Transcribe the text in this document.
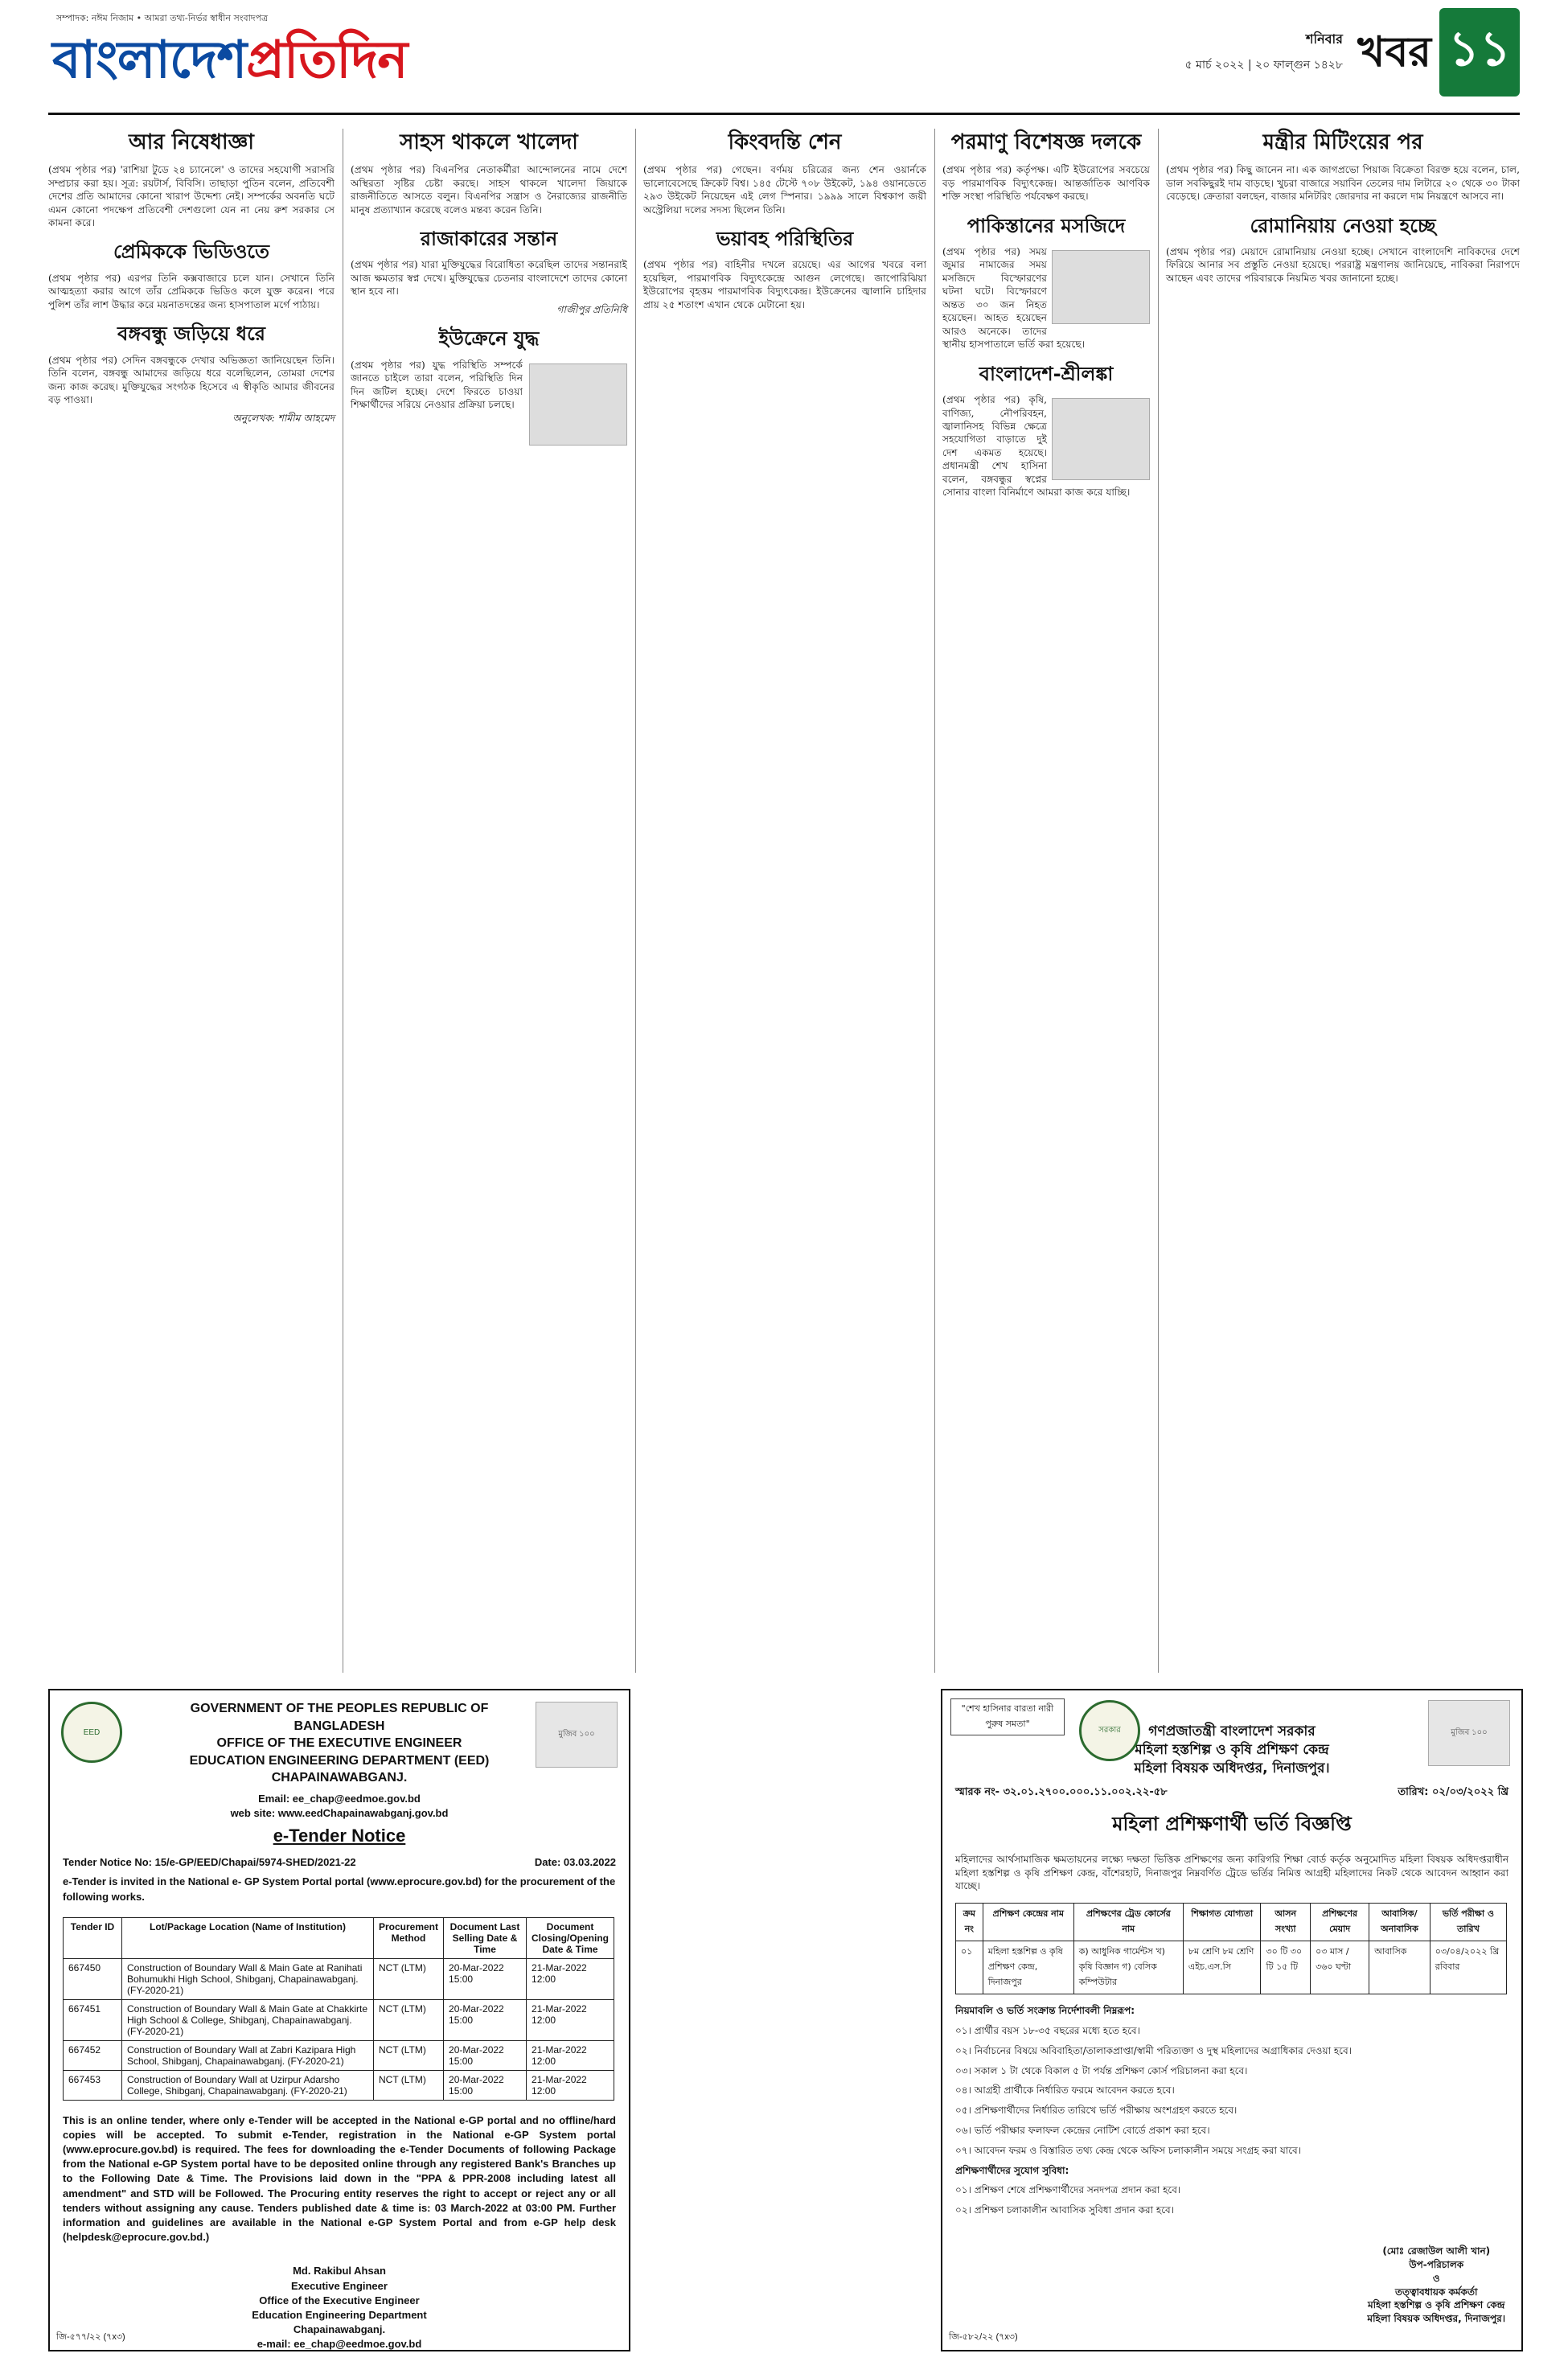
সম্পাদক: নঈম নিজাম • আমরা তথ্য-নির্ভর স্বাধীন সংবাদপত্র
বাংলাদেশপ্রতিদিন	শনিবার
৫ মার্চ ২০২২ | ২০ ফাল্গুন ১৪২৮ খবর ১১
আর নিষেধাজ্ঞা

(প্রথম পৃষ্ঠার পর) 'রাশিয়া টুডে ২৪ চ্যানেলে' ও তাদের সহযোগী সরাসরি সম্প্রচার করা হয়। সূত্র: রয়টার্স, বিবিসি। তাছাড়া পুতিন বলেন, প্রতিবেশী দেশের প্রতি আমাদের কোনো খারাপ উদ্দেশ্য নেই। সম্পর্কের অবনতি ঘটে এমন কোনো পদক্ষেপ প্রতিবেশী দেশগুলো যেন না নেয় রুশ সরকার সে কামনা করে।

প্রেমিককে ভিডিওতে

(প্রথম পৃষ্ঠার পর) এরপর তিনি কক্সবাজারে চলে যান। সেখানে তিনি আত্মহত্যা করার আগে তাঁর প্রেমিককে ভিডিও কলে যুক্ত করেন। পরে পুলিশ তাঁর লাশ উদ্ধার করে ময়নাতদন্তের জন্য হাসপাতাল মর্গে পাঠায়।

বঙ্গবন্ধু জড়িয়ে ধরে

(প্রথম পৃষ্ঠার পর) সেদিন বঙ্গবন্ধুকে দেখার অভিজ্ঞতা জানিয়েছেন তিনি। তিনি বলেন, বঙ্গবন্ধু আমাদের জড়িয়ে ধরে বলেছিলেন, তোমরা দেশের জন্য কাজ করেছ। মুক্তিযুদ্ধের সংগঠক হিসেবে এ স্বীকৃতি আমার জীবনের বড় পাওয়া।

অনুলেখক: শামীম আহমেদ
সাহস থাকলে খালেদা

(প্রথম পৃষ্ঠার পর) বিএনপির নেতাকর্মীরা আন্দোলনের নামে দেশে অস্থিরতা সৃষ্টির চেষ্টা করছে। সাহস থাকলে খালেদা জিয়াকে রাজনীতিতে আসতে বলুন। বিএনপির সন্ত্রাস ও নৈরাজ্যের রাজনীতি মানুষ প্রত্যাখ্যান করেছে বলেও মন্তব্য করেন তিনি।

রাজাকারের সন্তান

(প্রথম পৃষ্ঠার পর) যারা মুক্তিযুদ্ধের বিরোধিতা করেছিল তাদের সন্তানরাই আজ ক্ষমতার স্বপ্ন দেখে। মুক্তিযুদ্ধের চেতনার বাংলাদেশে তাদের কোনো স্থান হবে না।

গাজীপুর প্রতিনিধি
ইউক্রেনে যুদ্ধ

(প্রথম পৃষ্ঠার পর) যুদ্ধ পরিস্থিতি সম্পর্কে জানতে চাইলে তারা বলেন, পরিস্থিতি দিন দিন জটিল হচ্ছে। দেশে ফিরতে চাওয়া শিক্ষার্থীদের সরিয়ে নেওয়ার প্রক্রিয়া চলছে।

কিংবদন্তি শেন

(প্রথম পৃষ্ঠার পর) গেছেন। বর্ণময় চরিত্রের জন্য শেন ওয়ার্নকে ভালোবেসেছে ক্রিকেট বিশ্ব। ১৪৫ টেস্টে ৭০৮ উইকেট, ১৯৪ ওয়ানডেতে ২৯৩ উইকেট নিয়েছেন এই লেগ স্পিনার। ১৯৯৯ সালে বিশ্বকাপ জয়ী অস্ট্রেলিয়া দলের সদস্য ছিলেন তিনি।

ভয়াবহ পরিস্থিতির

(প্রথম পৃষ্ঠার পর) বাহিনীর দখলে রয়েছে। এর আগের খবরে বলা হয়েছিল, পারমাণবিক বিদ্যুৎকেন্দ্রে আগুন লেগেছে। জাপোরিঝিয়া ইউরোপের বৃহত্তম পারমাণবিক বিদ্যুৎকেন্দ্র। ইউক্রেনের জ্বালানি চাহিদার প্রায় ২৫ শতাংশ এখান থেকে মেটানো হয়।

পরমাণু বিশেষজ্ঞ দলকে

(প্রথম পৃষ্ঠার পর) কর্তৃপক্ষ। এটি ইউরোপের সবচেয়ে বড় পারমাণবিক বিদ্যুৎকেন্দ্র। আন্তর্জাতিক আণবিক শক্তি সংস্থা পরিস্থিতি পর্যবেক্ষণ করছে।

পাকিস্তানের মসজিদে

(প্রথম পৃষ্ঠার পর) সময় জুমার নামাজের সময় মসজিদে বিস্ফোরণের ঘটনা ঘটে। বিস্ফোরণে অন্তত ৩০ জন নিহত হয়েছেন। আহত হয়েছেন আরও অনেকে। তাদের স্থানীয় হাসপাতালে ভর্তি করা হয়েছে।

বাংলাদেশ-শ্রীলঙ্কা

(প্রথম পৃষ্ঠার পর) কৃষি, বাণিজ্য, নৌপরিবহন, জ্বালানিসহ বিভিন্ন ক্ষেত্রে সহযোগিতা বাড়াতে দুই দেশ একমত হয়েছে। প্রধানমন্ত্রী শেখ হাসিনা বলেন, বঙ্গবন্ধুর স্বপ্নের সোনার বাংলা বিনির্মাণে আমরা কাজ করে যাচ্ছি।

মন্ত্রীর মিটিংয়ের পর

(প্রথম পৃষ্ঠার পর) কিছু জানেন না। এক জাগপ্রভো পিয়াজ বিক্রেতা বিরক্ত হয়ে বলেন, চাল, ডাল সবকিছুরই দাম বাড়ছে। খুচরা বাজারে সয়াবিন তেলের দাম লিটারে ২০ থেকে ৩০ টাকা বেড়েছে। ক্রেতারা বলছেন, বাজার মনিটরিং জোরদার না করলে দাম নিয়ন্ত্রণে আসবে না।

রোমানিয়ায় নেওয়া হচ্ছে

(প্রথম পৃষ্ঠার পর) মেয়াদে রোমানিয়ায় নেওয়া হচ্ছে। সেখানে বাংলাদেশি নাবিকদের দেশে ফিরিয়ে আনার সব প্রস্তুতি নেওয়া হয়েছে। পররাষ্ট্র মন্ত্রণালয় জানিয়েছে, নাবিকরা নিরাপদে আছেন এবং তাদের পরিবারকে নিয়মিত খবর জানানো হচ্ছে।

EED	মুজিব ১০০
GOVERNMENT OF THE PEOPLES REPUBLIC OF
BANGLADESH
OFFICE OF THE EXECUTIVE ENGINEER
EDUCATION ENGINEERING DEPARTMENT (EED)
CHAPAINAWABGANJ.
Email: ee_chap@eedmoe.gov.bd
web site: www.eedChapainawabganj.gov.bd
e-Tender Notice
Tender Notice No: 15/e-GP/EED/Chapai/5974-SHED/2021-22	Date: 03.03.2022
e-Tender is invited in the National e- GP System Portal portal (www.eprocure.gov.bd) for the procurement of the following works.
Tender ID	Lot/Package Location (Name of Institution)	Procurement Method	Document Last Selling Date & Time	Document Closing/Opening Date & Time
667450	Construction of Boundary Wall & Main Gate at Ranihati Bohumukhi High School, Shibganj, Chapainawabganj. (FY-2020-21)	NCT (LTM)	20-Mar-2022 15:00	21-Mar-2022 12:00
667451	Construction of Boundary Wall & Main Gate at Chakkirte High School & College, Shibganj, Chapainawabganj. (FY-2020-21)	NCT (LTM)	20-Mar-2022 15:00	21-Mar-2022 12:00
667452	Construction of Boundary Wall at Zabri Kazipara High School, Shibganj, Chapainawabganj. (FY-2020-21)	NCT (LTM)	20-Mar-2022 15:00	21-Mar-2022 12:00
667453	Construction of Boundary Wall at Uzirpur Adarsho College, Shibganj, Chapainawabganj. (FY-2020-21)	NCT (LTM)	20-Mar-2022 15:00	21-Mar-2022 12:00
This is an online tender, where only e-Tender will be accepted in the National e-GP portal and no offline/hard copies will be accepted. To submit e-Tender, registration in the National e-GP System portal (www.eprocure.gov.bd) is required. The fees for downloading the e-Tender Documents of following Package from the National e-GP System portal have to be deposited online through any registered Bank's Branches up to the Following Date & Time. The Provisions laid down in the "PPA & PPR-2008 including latest all amendment" and STD will be Followed. The Procuring entity reserves the right to accept or reject any or all tenders without assigning any cause. Tenders published date & time is: 03 March-2022 at 03:00 PM. Further information and guidelines are available in the National e-GP System Portal and from e-GP help desk (helpdesk@eprocure.gov.bd.)
Md. Rakibul Ahsan
Executive Engineer
Office of the Executive Engineer
Education Engineering Department
Chapainawabganj.
e-mail: ee_chap@eedmoe.gov.bd
জি-৫৭৭/২২ (৭x৩)
"শেখ হাসিনার বারতা নারী পুরুষ সমতা"
সরকার	মুজিব ১০০
গণপ্রজাতন্ত্রী বাংলাদেশ সরকার
মহিলা হস্তশিল্প ও কৃষি প্রশিক্ষণ কেন্দ্র
মহিলা বিষয়ক অধিদপ্তর, দিনাজপুর।
স্মারক নং- ৩২.০১.২৭০০.০০০.১১.০০২.২২-৫৮	তারিখ: ০২/০৩/২০২২ খ্রি
মহিলা প্রশিক্ষণার্থী ভর্তি বিজ্ঞপ্তি
মহিলাদের আর্থসামাজিক ক্ষমতায়নের লক্ষ্যে দক্ষতা ভিত্তিক প্রশিক্ষণের জন্য কারিগরি শিক্ষা বোর্ড কর্তৃক অনুমোদিত মহিলা বিষয়ক অধিদপ্তরাধীন মহিলা হস্তশিল্প ও কৃষি প্রশিক্ষণ কেন্দ্র, বাঁশেরহাট, দিনাজপুর নিম্নবর্ণিত ট্রেডে ভর্তির নিমিত্ত আগ্রহী মহিলাদের নিকট থেকে আবেদন আহ্বান করা যাচ্ছে।
ক্রম নং	প্রশিক্ষণ কেন্দ্রের নাম	প্রশিক্ষণের ট্রেড কোর্সের নাম	শিক্ষাগত যোগ্যতা	আসন সংখ্যা	প্রশিক্ষণের মেয়াদ	আবাসিক/অনাবাসিক	ভর্তি পরীক্ষা ও তারিখ
০১	মহিলা হস্তশিল্প ও কৃষি প্রশিক্ষণ কেন্দ্র, দিনাজপুর	ক) আধুনিক গার্মেন্টস খ) কৃষি বিজ্ঞান গ) বেসিক কম্পিউটার	৮ম শ্রেণি ৮ম শ্রেণি এইচ.এস.সি	৩০ টি ৩০ টি ১৫ টি	০৩ মাস / ৩৬০ ঘণ্টা	আবাসিক	০৩/০৪/২০২২ খ্রি রবিবার
নিয়মাবলি ও ভর্তি সংক্রান্ত নির্দেশাবলী নিম্নরূপ:
০১। প্রার্থীর বয়স ১৮-৩৫ বছরের মধ্যে হতে হবে।
০২। নির্বাচনের বিষয়ে অবিবাহিতা/তালাকপ্রাপ্তা/স্বামী পরিত্যক্তা ও দুস্থ মহিলাদের অগ্রাধিকার দেওয়া হবে।
০৩। সকাল ১ টা থেকে বিকাল ৫ টা পর্যন্ত প্রশিক্ষণ কোর্স পরিচালনা করা হবে।
০৪। আগ্রহী প্রার্থীকে নির্ধারিত ফরমে আবেদন করতে হবে।
০৫। প্রশিক্ষণার্থীদের নির্ধারিত তারিখে ভর্তি পরীক্ষায় অংশগ্রহণ করতে হবে।
০৬। ভর্তি পরীক্ষার ফলাফল কেন্দ্রের নোটিশ বোর্ডে প্রকাশ করা হবে।
০৭। আবেদন ফরম ও বিস্তারিত তথ্য কেন্দ্র থেকে অফিস চলাকালীন সময়ে সংগ্রহ করা যাবে।
প্রশিক্ষণার্থীদের সুযোগ সুবিধা:
০১। প্রশিক্ষণ শেষে প্রশিক্ষণার্থীদের সনদপত্র প্রদান করা হবে।
০২। প্রশিক্ষণ চলাকালীন আবাসিক সুবিধা প্রদান করা হবে।
(মোঃ রেজাউল আলী খান)
উপ-পরিচালক
ও
তত্ত্বাবধায়ক কর্মকর্তা
মহিলা হস্তশিল্প ও কৃষি প্রশিক্ষণ কেন্দ্র
মহিলা বিষয়ক অধিদপ্তর, দিনাজপুর।
জি-৫৮২/২২ (৭x৩)
